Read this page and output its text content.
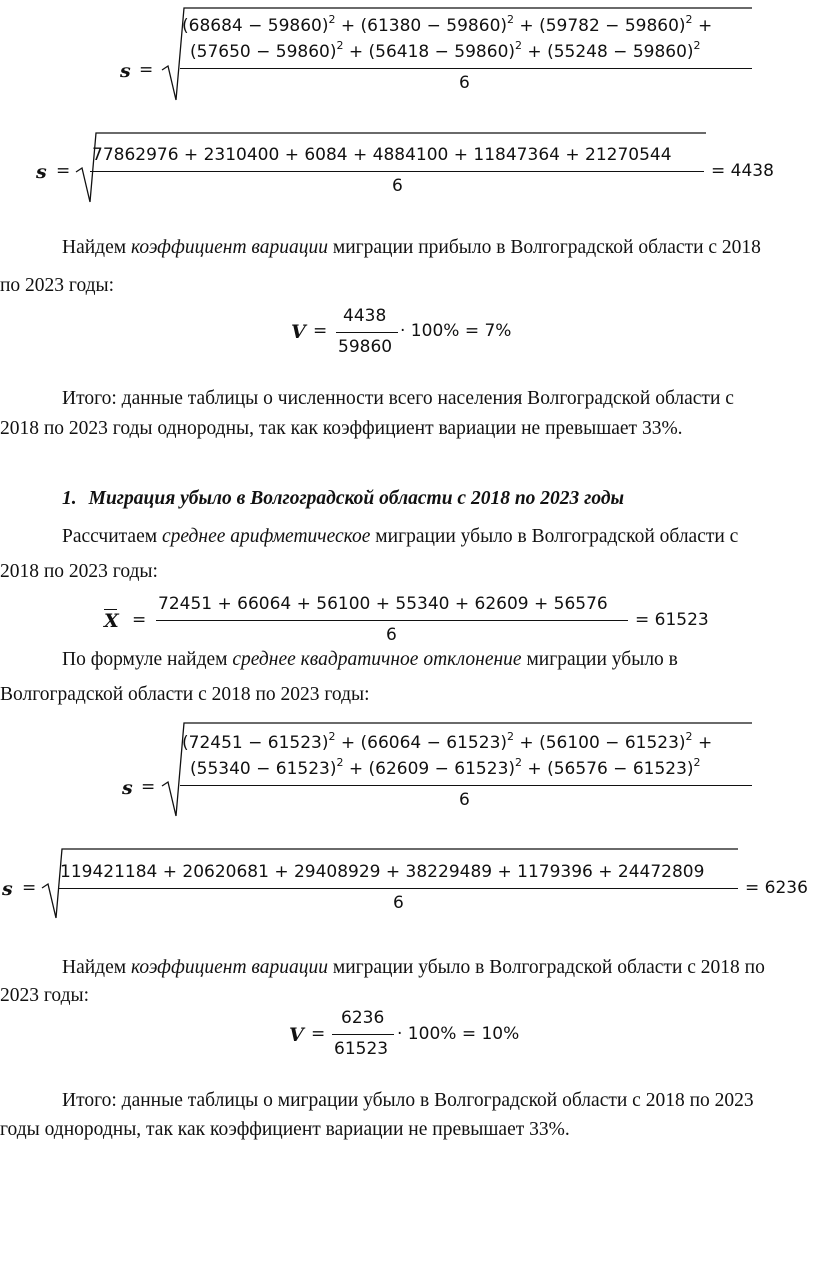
s =
$(68684 - 59860)^2 + (61380 - 59860)^2 + (59782 - 59860)^2$ +
$(57650 - 59860)^2 + (56418 - 59860)^2 + (55248 - 59860)^2$
6
s =
77862976 + 2310400 + 6084 + 4884100 + 11847364 + 21270544
6
= 4438
Найдем коэффициент вариации миграции прибыло в Волгоградской области с 2018
по 2023 годы:
V =
4438
59860
· 100% = 7%
Итого: данные таблицы о численности всего населения Волгоградской области с
2018 по 2023 годы однородны, так как коэффициент вариации не превышает 33%.
1. Миграция убыло в Волгоградской области с 2018 по 2023 годы
Рассчитаем среднее арифметическое миграции убыло в Волгоградской области с
2018 по 2023 годы:
X =
72451 + 66064 + 56100 + 55340 + 62609 + 56576
6
= 61523
По формуле найдем среднее квадратичное отклонение миграции убыло в
Волгоградской области с 2018 по 2023 годы:
s =
$(72451 - 61523)^2 + (66064 - 61523)^2 + (56100 - 61523)^2$ +
$(55340 - 61523)^2 + (62609 - 61523)^2 + (56576 - 61523)^2$
6
s =
119421184 + 20620681 + 29408929 + 38229489 + 1179396 + 24472809
6
= 6236
Найдем коэффициент вариации миграции убыло в Волгоградской области с 2018 по
2023 годы:
V =
6236
61523
· 100% = 10%
Итого: данные таблицы о миграции убыло в Волгоградской области с 2018 по 2023
годы однородны, так как коэффициент вариации не превышает 33%.
